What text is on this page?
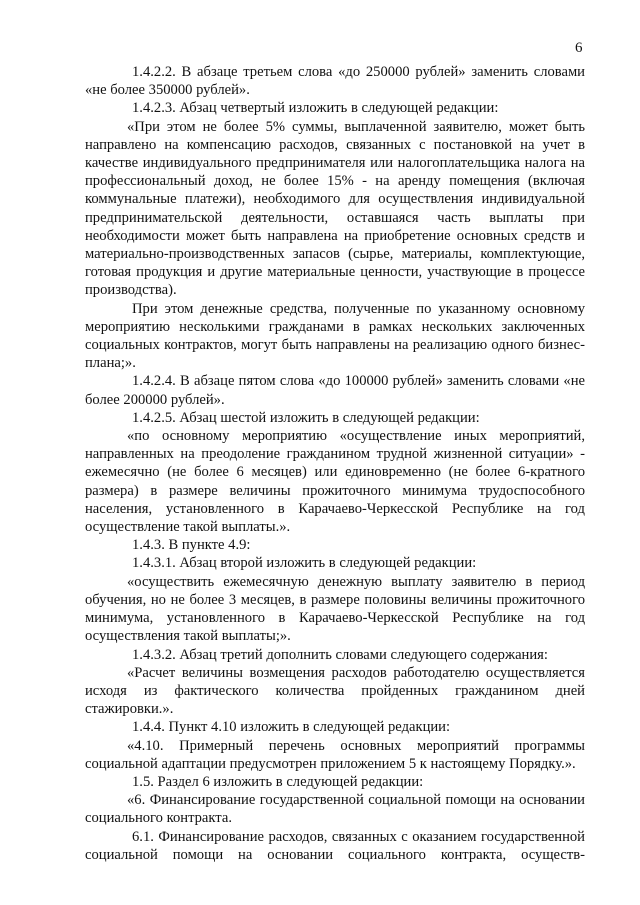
6

1.4.2.2. В абзаце третьем слова «до 250000 рублей» заменить словами «не более 350000 рублей».

1.4.2.3. Абзац четвертый изложить в следующей редакции:

«При этом не более 5% суммы, выплаченной заявителю, может быть направлено на компенсацию расходов, связанных с постановкой на учет в качестве индивидуального предпринимателя или налогоплательщика налога на профессиональный доход, не более 15% - на аренду помещения (включая коммунальные платежи), необходимого для осуществления индивидуальной предпринимательской деятельности, оставшаяся часть выплаты при необходимости может быть направлена на приобретение основных средств и материально-производственных запасов (сырье, материалы, комплектующие, готовая продукция и другие материальные ценности, участвующие в процессе производства).

При этом денежные средства, полученные по указанному основному мероприятию несколькими гражданами в рамках нескольких заключенных социальных контрактов, могут быть направлены на реализацию одного бизнес-плана;».

1.4.2.4. В абзаце пятом слова «до 100000 рублей» заменить словами «не более 200000 рублей».

1.4.2.5. Абзац шестой изложить в следующей редакции:

«по основному мероприятию «осуществление иных мероприятий, направленных на преодоление гражданином трудной жизненной ситуации» - ежемесячно (не более 6 месяцев) или единовременно (не более 6-кратного размера) в размере величины прожиточного минимума трудоспособного населения, установленного в Карачаево-Черкесской Республике на год осуществление такой выплаты.».

1.4.3. В пункте 4.9:

1.4.3.1. Абзац второй изложить в следующей редакции:

«осуществить ежемесячную денежную выплату заявителю в период обучения, но не более 3 месяцев, в размере половины величины прожиточного минимума, установленного в Карачаево-Черкесской Республике на год осуществления такой выплаты;».

1.4.3.2. Абзац третий дополнить словами следующего содержания:

«Расчет величины возмещения расходов работодателю осуществляется исходя из фактического количества пройденных гражданином дней стажировки.».

1.4.4. Пункт 4.10 изложить в следующей редакции:

«4.10. Примерный перечень основных мероприятий программы социальной адаптации предусмотрен приложением 5 к настоящему Порядку.».

1.5. Раздел 6 изложить в следующей редакции:

«6. Финансирование государственной социальной помощи на основании социального контракта.

6.1. Финансирование расходов, связанных с оказанием государственной социальной помощи на основании социального контракта, осуществ-
